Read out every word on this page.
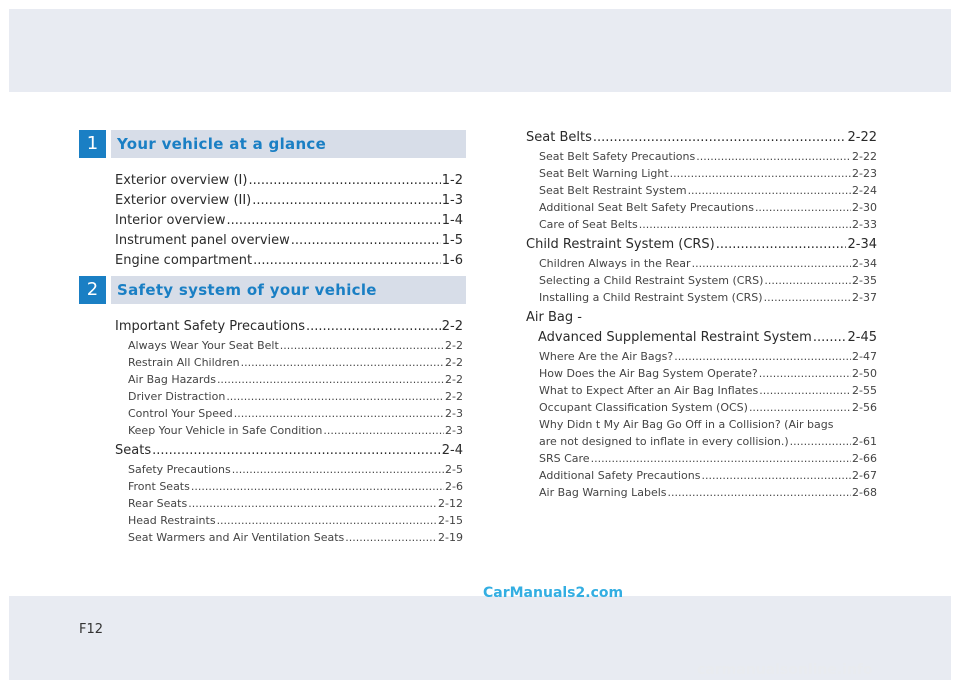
1	Your vehicle at a glance
Exterior overview (I) .....	1-2
Exterior overview (II) .....	1-3
Interior overview .....	1-4
Instrument panel overview .....	1-5
Engine compartment .....	1-6
2	Safety system of your vehicle
Important Safety Precautions .....	2-2
Always Wear Your Seat Belt .....	2-2
Restrain All Children .....	2-2
Air Bag Hazards .....	2-2
Driver Distraction .....	2-2
Control Your Speed .....	2-3
Keep Your Vehicle in Safe Condition .....	2-3
Seats .....	2-4
Safety Precautions .....	2-5
Front Seats .....	2-6
Rear Seats .....	2-12
Head Restraints .....	2-15
Seat Warmers and Air Ventilation Seats .....	2-19
Seat Belts .....	2-22
Seat Belt Safety Precautions .....	2-22
Seat Belt Warning Light .....	2-23
Seat Belt Restraint System .....	2-24
Additional Seat Belt Safety Precautions .....	2-30
Care of Seat Belts .....	2-33
Child Restraint System (CRS) .....	2-34
Children Always in the Rear .....	2-34
Selecting a Child Restraint System (CRS) .....	2-35
Installing a Child Restraint System (CRS) .....	2-37
Air Bag -
Advanced Supplemental Restraint System .....	2-45
Where Are the Air Bags? .....	2-47
How Does the Air Bag System Operate? .....	2-50
What to Expect After an Air Bag Inflates .....	2-55
Occupant Classification System (OCS) .....	2-56
Why Didn t My Air Bag Go Off in a Collision? (Air bags
are not designed to inflate in every collision.) .....	2-61
SRS Care .....	2-66
Additional Safety Precautions .....	2-67
Air Bag Warning Labels .....	2-68
CarManuals2.com
F12
carmanualsonline.info
